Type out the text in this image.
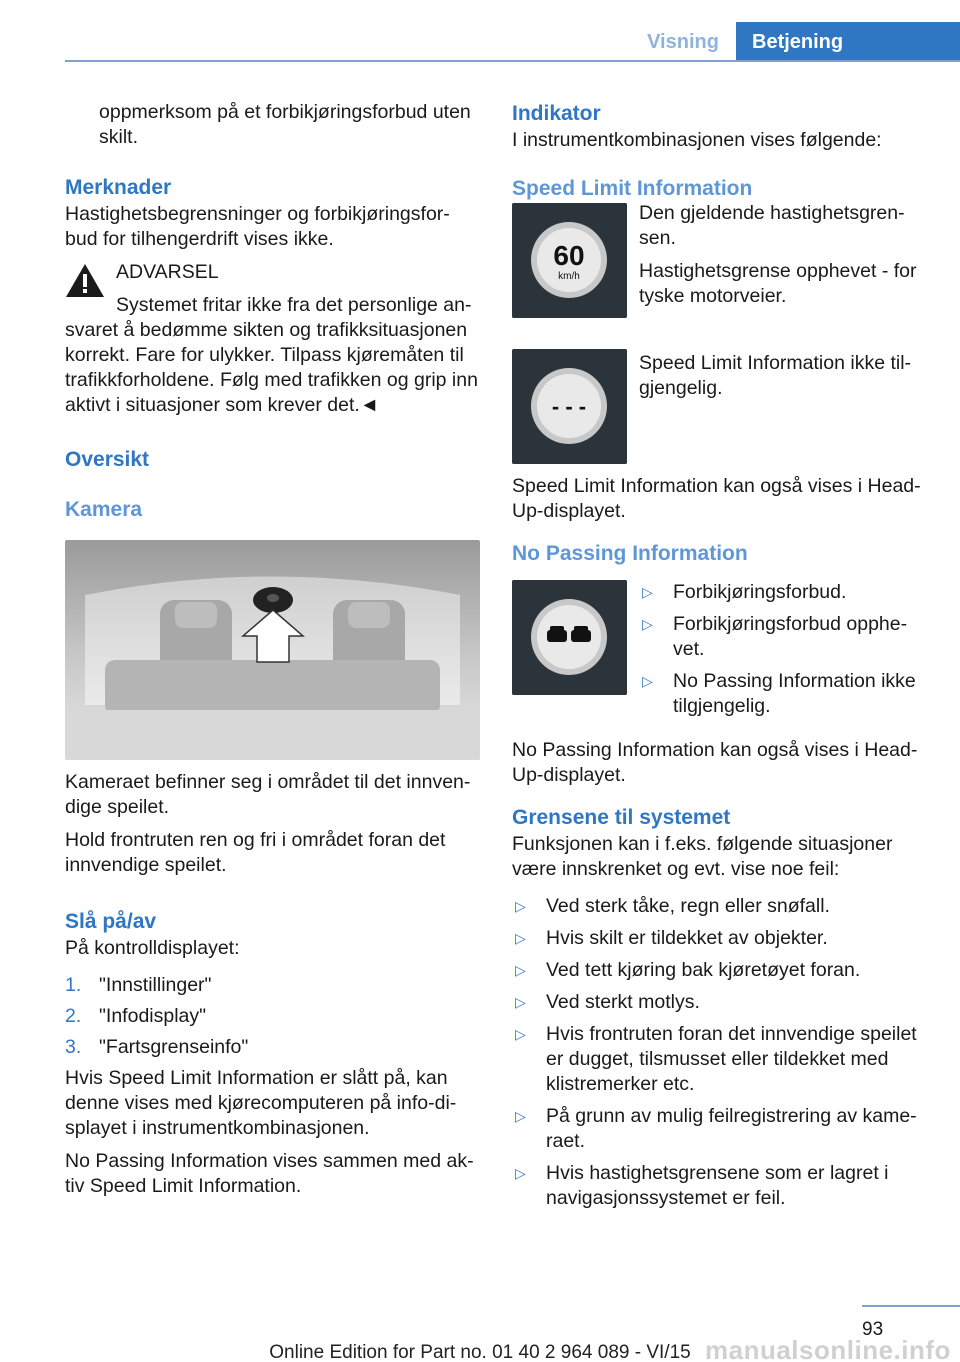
Visning	Betjening

oppmerksom på et forbikjøringsforbud uten skilt.

Merknader

Hastighetsbegrensninger og forbikjøringsfor-bud for tilhengerdrift vises ikke.

ADVARSEL
Systemet fritar ikke fra det personlige an-
svaret å bedømme sikten og trafikksituasjonen korrekt. Fare for ulykker. Tilpass kjøremåten til trafikkforholdene. Følg med trafikken og grip inn aktivt i situasjoner som krever det.◄
Oversikt
Kamera

Kameraet befinner seg i området til det innven-dige speilet.

Hold frontruten ren og fri i området foran det innvendige speilet.

Slå på/av

På kontrolldisplayet:

1. "Innstillinger"
2. "Infodisplay"
3. "Fartsgrenseinfo"

Hvis Speed Limit Information er slått på, kan denne vises med kjørecomputeren på info-di-splayet i instrumentkombinasjonen.

No Passing Information vises sammen med ak-tiv Speed Limit Information.

Indikator

I instrumentkombinasjonen vises følgende:

Speed Limit Information
60
km/h

Den gjeldende hastighetsgren-sen.

Hastighetsgrense opphevet - for tyske motorveier.

- - -

Speed Limit Information ikke til-gjengelig.

Speed Limit Information kan også vises i Head-Up-displayet.

No Passing Information
▷ Forbikjøringsforbud.
▷ Forbikjøringsforbud opphe-vet.
▷ No Passing Information ikke tilgjengelig.

No Passing Information kan også vises i Head-Up-displayet.

Grensene til systemet

Funksjonen kan i f.eks. følgende situasjoner være innskrenket og evt. vise noe feil:

▷ Ved sterk tåke, regn eller snøfall.
▷ Hvis skilt er tildekket av objekter.
▷ Ved tett kjøring bak kjøretøyet foran.
▷ Ved sterkt motlys.
▷ Hvis frontruten foran det innvendige speilet er dugget, tilsmusset eller tildekket med klistremerker etc.
▷ På grunn av mulig feilregistrering av kame-raet.
▷ Hvis hastighetsgrensene som er lagret i navigasjonssystemet er feil.
93
manualsonline.info
Online Edition for Part no. 01 40 2 964 089 - VI/15
